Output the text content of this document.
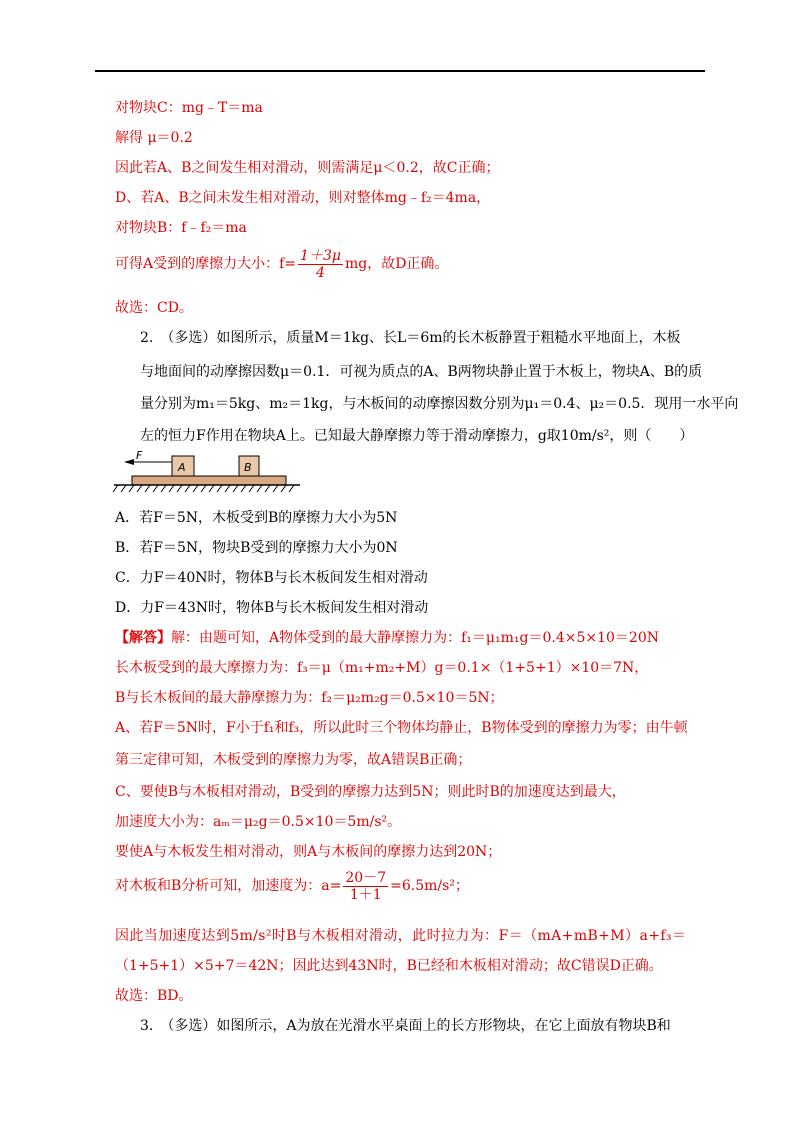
对物块C：mg﹣T＝ma
解得 μ＝0.2
因此若A、B之间发生相对滑动，则需满足μ＜0.2，故C正确；
D、若A、B之间未发生相对滑动，则对整体mg﹣f₂＝4ma，
对物块B：f﹣f₂＝ma
可得A受到的摩擦力大小：$f= \frac{1+3\mu}{4}$ mg，故D正确。
故选：CD。
2.　（多选）如图所示，质量M＝1kg、长L＝6m的长木板静置于粗糙水平地面上，木板
与地面间的动摩擦因数μ＝0.1．可视为质点的A、B两物块静止置于木板上，物块A、B的质
量分别为m₁＝5kg、m₂＝1kg，与木板间的动摩擦因数分别为μ₁＝0.4、μ₂＝0.5．现用一水平向
左的恒力F作用在物块A上。已知最大静摩擦力等于滑动摩擦力，g取10m/s²，则（　　）
F
A	B
A．若F＝5N，木板受到B的摩擦力大小为5N
B．若F＝5N，物块B受到的摩擦力大小为0N
C．力F＝40N时，物体B与长木板间发生相对滑动
D．力F＝43N时，物体B与长木板间发生相对滑动
【解答】解：由题可知，A物体受到的最大静摩擦力为：f₁＝μ₁m₁g＝0.4×5×10＝20N
长木板受到的最大摩擦力为：f₃＝μ（m₁+m₂+M）g＝0.1×（1+5+1）×10＝7N，
B与长木板间的最大静摩擦力为：f₂＝μ₂m₂g＝0.5×10＝5N；
A、若F＝5N时，F小于f₁和f₃，所以此时三个物体均静止，B物体受到的摩擦力为零；由牛顿
第三定律可知，木板受到的摩擦力为零，故A错误B正确；
C、要使B与木板相对滑动，B受到的摩擦力达到5N；则此时B的加速度达到最大，
加速度大小为：aₘ＝μ₂g＝0.5×10＝5m/s²。
要使A与木板发生相对滑动，则A与木板间的摩擦力达到20N；
对木板和B分析可知，加速度为：$a= \frac{20-7}{1+1} =6.5m/s^2$；
因此当加速度达到5m/s²时B与木板相对滑动，此时拉力为：F＝（mA+mB+M）a+f₃＝
（1+5+1）×5+7＝42N；因此达到43N时，B已经和木板相对滑动；故C错误D正确。
故选：BD。
3.　（多选）如图所示，A为放在光滑水平桌面上的长方形物块，在它上面放有物块B和
